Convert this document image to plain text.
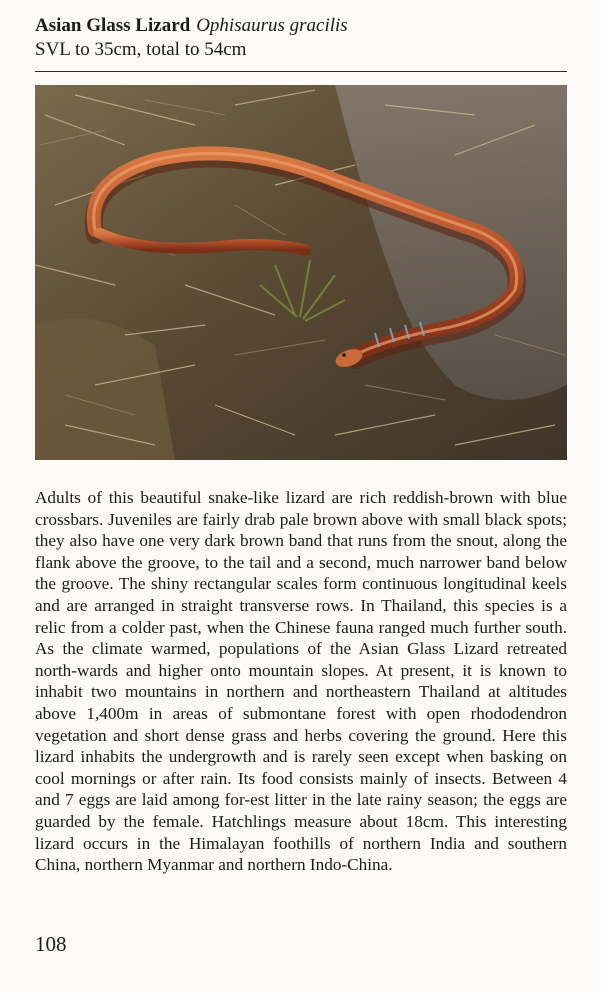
Asian Glass Lizard Ophisaurus gracilis
SVL to 35cm, total to 54cm
Adults of this beautiful snake-like lizard are rich reddish-brown with blue crossbars. Juveniles are fairly drab pale brown above with small black spots; they also have one very dark brown band that runs from the snout, along the flank above the groove, to the tail and a second, much narrower band below the groove. The shiny rectangular scales form continuous longitudinal keels and are arranged in straight transverse rows. In Thailand, this species is a relic from a colder past, when the Chinese fauna ranged much further south. As the climate warmed, populations of the Asian Glass Lizard retreated north-wards and higher onto mountain slopes. At present, it is known to inhabit two mountains in northern and northeastern Thailand at altitudes above 1,400m in areas of submontane forest with open rhododendron vegetation and short dense grass and herbs covering the ground. Here this lizard inhabits the undergrowth and is rarely seen except when basking on cool mornings or after rain. Its food consists mainly of insects. Between 4 and 7 eggs are laid among for-est litter in the late rainy season; the eggs are guarded by the female. Hatchlings measure about 18cm. This interesting lizard occurs in the Himalayan foothills of northern India and southern China, northern Myanmar and northern Indo-China.
108
